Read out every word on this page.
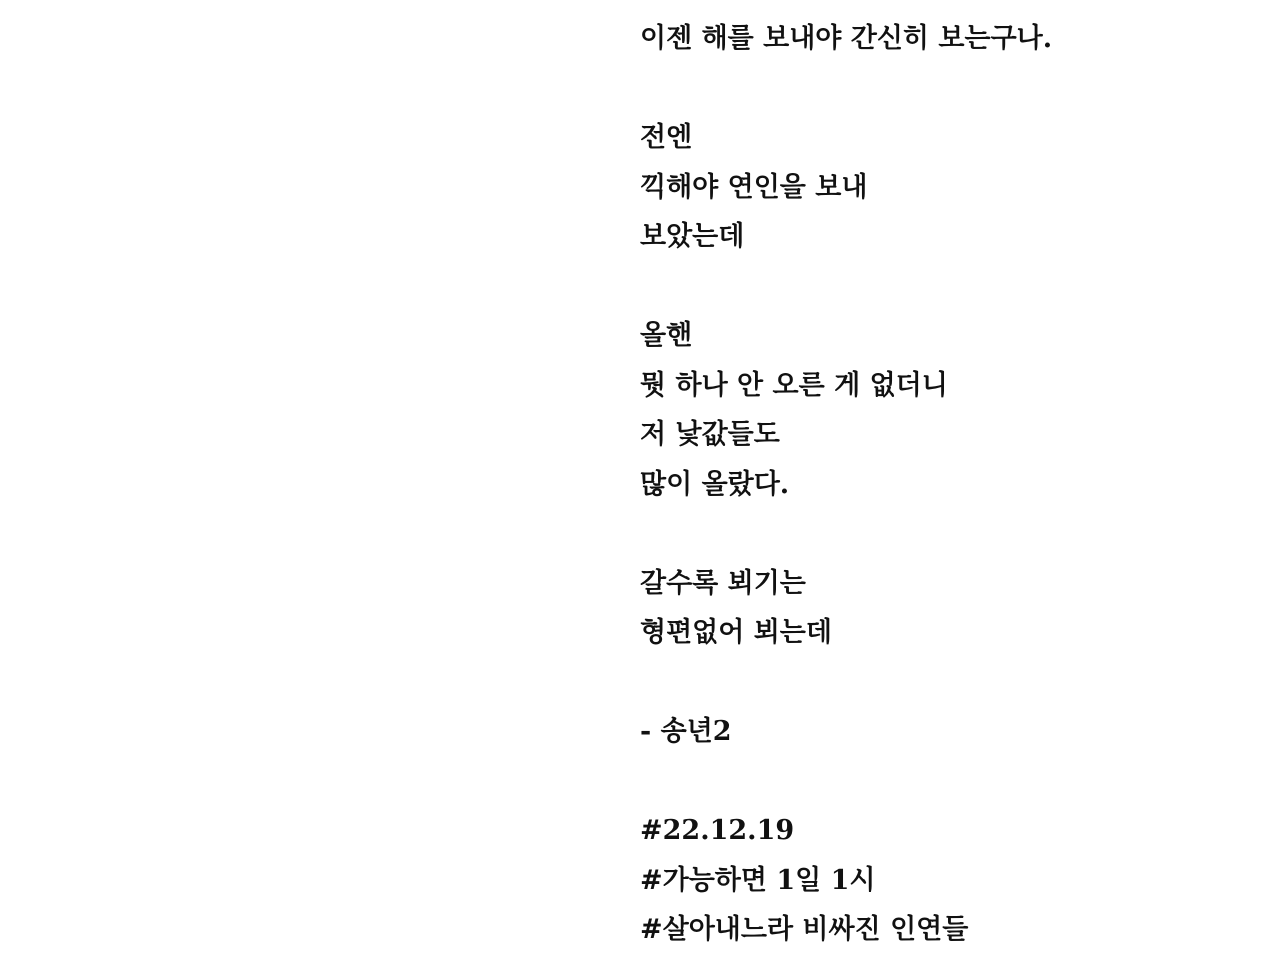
이젠 해를 보내야 간신히 보는구나.
전엔
끽해야 연인을 보내
보았는데
올핸
뭣 하나 안 오른 게 없더니
저 낯값들도
많이 올랐다.
갈수록 뵈기는
형편없어 뵈는데
- 송년2
#22.12.19
#가능하면 1일 1시
#살아내느라 비싸진 인연들
